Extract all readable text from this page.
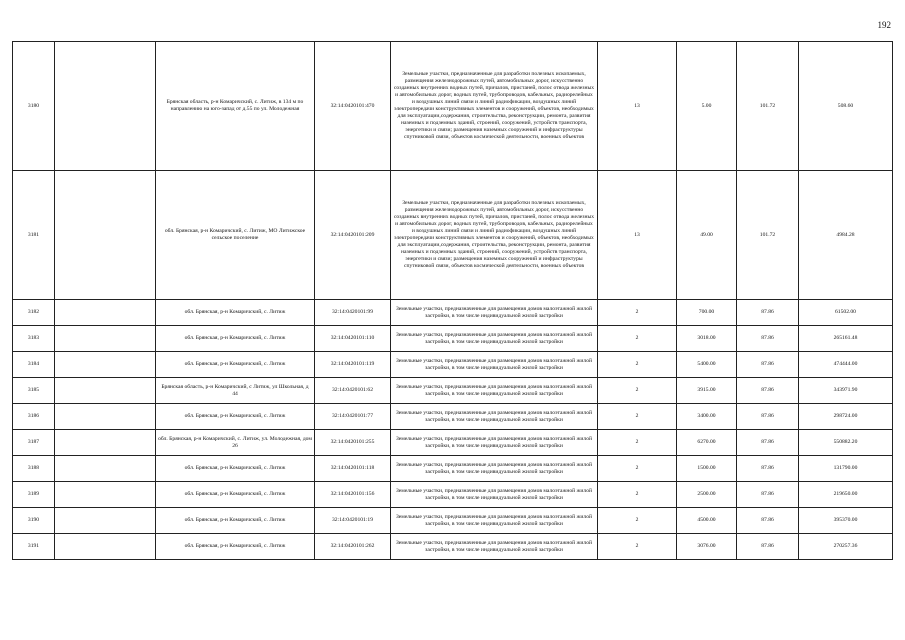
192
3180		Брянская область, р-н Комаричский, с. Литиж, в 134 м по направлению на юго-запад от д.55 по ул. Молодежная	32:14:0420101:470	Земельные участки, предназначенные для разработки полезных ископаемых, размещения железнодорожных путей, автомобильных дорог, искусственно созданных внутренних водных путей, причалов, пристаней, полос отвода железных и автомобильных дорог, водных путей, трубопроводов, кабельных, радиорелейных и воздушных линий связи и линий радиофикации, воздушных линий электропередачи конструктивных элементов и сооружений, объектов, необходимых для эксплуатации,содержания, строительства, реконструкции, ремонта, развития наземных и подземных зданий, строений, сооружений, устройств транспорта, энергетики и связи; размещения наземных сооружений и инфраструктуры спутниковой связи, объектов космической деятельности, военных объектов	13	5.00	101.72	508.60
3181		обл. Брянская, р-н Комаричский, с. Литиж, МО Литижское сельское поселение	32:14:0420101:209	Земельные участки, предназначенные для разработки полезных ископаемых, размещения железнодорожных путей, автомобильных дорог, искусственно созданных внутренних водных путей, причалов, пристаней, полос отвода железных и автомобильных дорог, водных путей, трубопроводов, кабельных, радиорелейных и воздушных линий связи и линий радиофикации, воздушных линий электропередачи конструктивных элементов и сооружений, объектов, необходимых для эксплуатации,содержания, строительства, реконструкции, ремонта, развития наземных и подземных зданий, строений, сооружений, устройств транспорта, энергетики и связи; размещения наземных сооружений и инфраструктуры спутниковой связи, объектов космической деятельности, военных объектов	13	49.00	101.72	4984.28
3182		обл. Брянская, р-н Комаричский, с. Литиж	32:14:0420101:99	Земельные участки, предназначенные для размещения домов малоэтажной жилой застройки, в том числе индивидуальной жилой застройки	2	700.00	87.86	61502.00
3183		обл. Брянская, р-н Комаричский, с. Литиж	32:14:0420101:110	Земельные участки, предназначенные для размещения домов малоэтажной жилой застройки, в том числе индивидуальной жилой застройки	2	3018.00	87.86	265161.48
3184		обл. Брянская, р-н Комаричский, с. Литиж	32:14:0420101:119	Земельные участки, предназначенные для размещения домов малоэтажной жилой застройки, в том числе индивидуальной жилой застройки	2	5400.00	87.86	474444.00
3185		Брянская область, р-н Комаричский, с Литиж, ул Школьная, д 44	32:14:0420101:62	Земельные участки, предназначенные для размещения домов малоэтажной жилой застройки, в том числе индивидуальной жилой застройки	2	3915.00	87.86	343971.90
3186		обл. Брянская, р-н Комаричский, с. Литиж	32:14:0420101:77	Земельные участки, предназначенные для размещения домов малоэтажной жилой застройки, в том числе индивидуальной жилой застройки	2	3400.00	87.86	298724.00
3187		обл. Брянская, р-н Комаричский, с. Литиж, ул. Молодежная, дом 26	32:14:0420101:255	Земельные участки, предназначенные для размещения домов малоэтажной жилой застройки, в том числе индивидуальной жилой застройки	2	6270.00	87.86	550882.20
3188		обл. Брянская, р-н Комаричский, с. Литиж	32:14:0420101:118	Земельные участки, предназначенные для размещения домов малоэтажной жилой застройки, в том числе индивидуальной жилой застройки	2	1500.00	87.86	131790.00
3189		обл. Брянская, р-н Комаричский, с. Литиж	32:14:0420101:156	Земельные участки, предназначенные для размещения домов малоэтажной жилой застройки, в том числе индивидуальной жилой застройки	2	2500.00	87.86	219650.00
3190		обл. Брянская, р-н Комаричский, с. Литиж	32:14:0420101:19	Земельные участки, предназначенные для размещения домов малоэтажной жилой застройки, в том числе индивидуальной жилой застройки	2	4500.00	87.86	395370.00
3191		обл. Брянская, р-н Комаричский, с. Литиж	32:14:0420101:262	Земельные участки, предназначенные для размещения домов малоэтажной жилой застройки, в том числе индивидуальной жилой застройки	2	3076.00	87.86	270257.36
